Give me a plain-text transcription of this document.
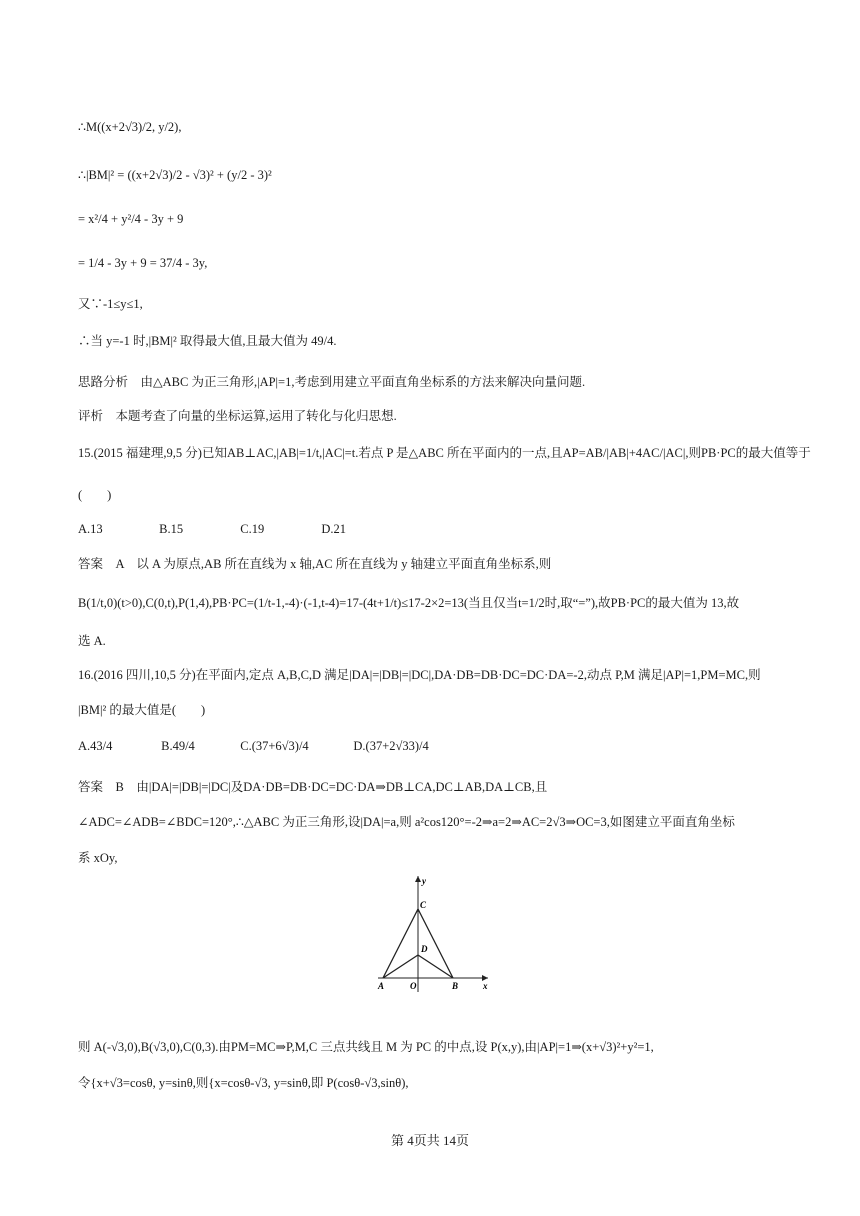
∴M((x+2√3)/2, y/2),
∴|BM|² = ((x+2√3)/2 - √3)² + (y/2 - 3)²
= x²/4 + y²/4 - 3y + 9
= 1/4 - 3y + 9 = 37/4 - 3y,
又∵-1≤y≤1,
∴当 y=-1 时,|BM|² 取得最大值,且最大值为 49/4.
思路分析　由△ABC 为正三角形,|AP|=1,考虑到用建立平面直角坐标系的方法来解决向量问题.
评析　本题考查了向量的坐标运算,运用了转化与化归思想.
15.(2015 福建理,9,5 分)已知AB⊥AC,|AB|=1/t,|AC|=t.若点 P 是△ABC 所在平面内的一点,且AP=AB/|AB|+4AC/|AC|,则PB·PC的最大值等于
(　　)
A.13	B.15	C.19	D.21
答案　A　以 A 为原点,AB 所在直线为 x 轴,AC 所在直线为 y 轴建立平面直角坐标系,则
B(1/t,0)(t>0),C(0,t),P(1,4),PB·PC=(1/t-1,-4)·(-1,t-4)=17-(4t+1/t)≤17-2×2=13(当且仅当t=1/2时,取“=”),故PB·PC的最大值为 13,故
选 A.
16.(2016 四川,10,5 分)在平面内,定点 A,B,C,D 满足|DA|=|DB|=|DC|,DA·DB=DB·DC=DC·DA=-2,动点 P,M 满足|AP|=1,PM=MC,则
|BM|² 的最大值是(　　)
A.43/4	B.49/4	C.(37+6√3)/4	D.(37+2√33)/4
答案　B　由|DA|=|DB|=|DC|及DA·DB=DB·DC=DC·DA⇒DB⊥CA,DC⊥AB,DA⊥CB,且
∠ADC=∠ADB=∠BDC=120°,∴△ABC 为正三角形,设|DA|=a,则 a²cos120°=-2⇒a=2⇒AC=2√3⇒OC=3,如图建立平面直角坐标
系 xOy,
y
x
C
D
A	O	B
则 A(-√3,0),B(√3,0),C(0,3).由PM=MC⇒P,M,C 三点共线且 M 为 PC 的中点,设 P(x,y),由|AP|=1⇒(x+√3)²+y²=1,
令{x+√3=cosθ, y=sinθ,则{x=cosθ-√3, y=sinθ,即 P(cosθ-√3,sinθ),
第 4页共 14页
